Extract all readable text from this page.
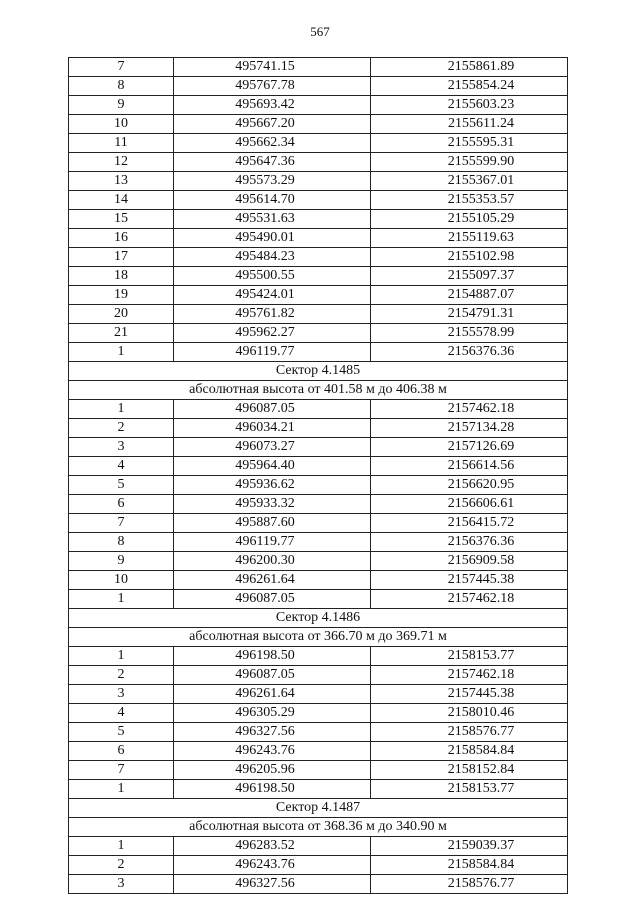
567
7	495741.15	2155861.89
8	495767.78	2155854.24
9	495693.42	2155603.23
10	495667.20	2155611.24
11	495662.34	2155595.31
12	495647.36	2155599.90
13	495573.29	2155367.01
14	495614.70	2155353.57
15	495531.63	2155105.29
16	495490.01	2155119.63
17	495484.23	2155102.98
18	495500.55	2155097.37
19	495424.01	2154887.07
20	495761.82	2154791.31
21	495962.27	2155578.99
1	496119.77	2156376.36
Сектор 4.1485		
абсолютная высота от 401.58 м до 406.38 м		
1	496087.05	2157462.18
2	496034.21	2157134.28
3	496073.27	2157126.69
4	495964.40	2156614.56
5	495936.62	2156620.95
6	495933.32	2156606.61
7	495887.60	2156415.72
8	496119.77	2156376.36
9	496200.30	2156909.58
10	496261.64	2157445.38
1	496087.05	2157462.18
Сектор 4.1486		
абсолютная высота от 366.70 м до 369.71 м		
1	496198.50	2158153.77
2	496087.05	2157462.18
3	496261.64	2157445.38
4	496305.29	2158010.46
5	496327.56	2158576.77
6	496243.76	2158584.84
7	496205.96	2158152.84
1	496198.50	2158153.77
Сектор 4.1487		
абсолютная высота от 368.36 м до 340.90 м		
1	496283.52	2159039.37
2	496243.76	2158584.84
3	496327.56	2158576.77
